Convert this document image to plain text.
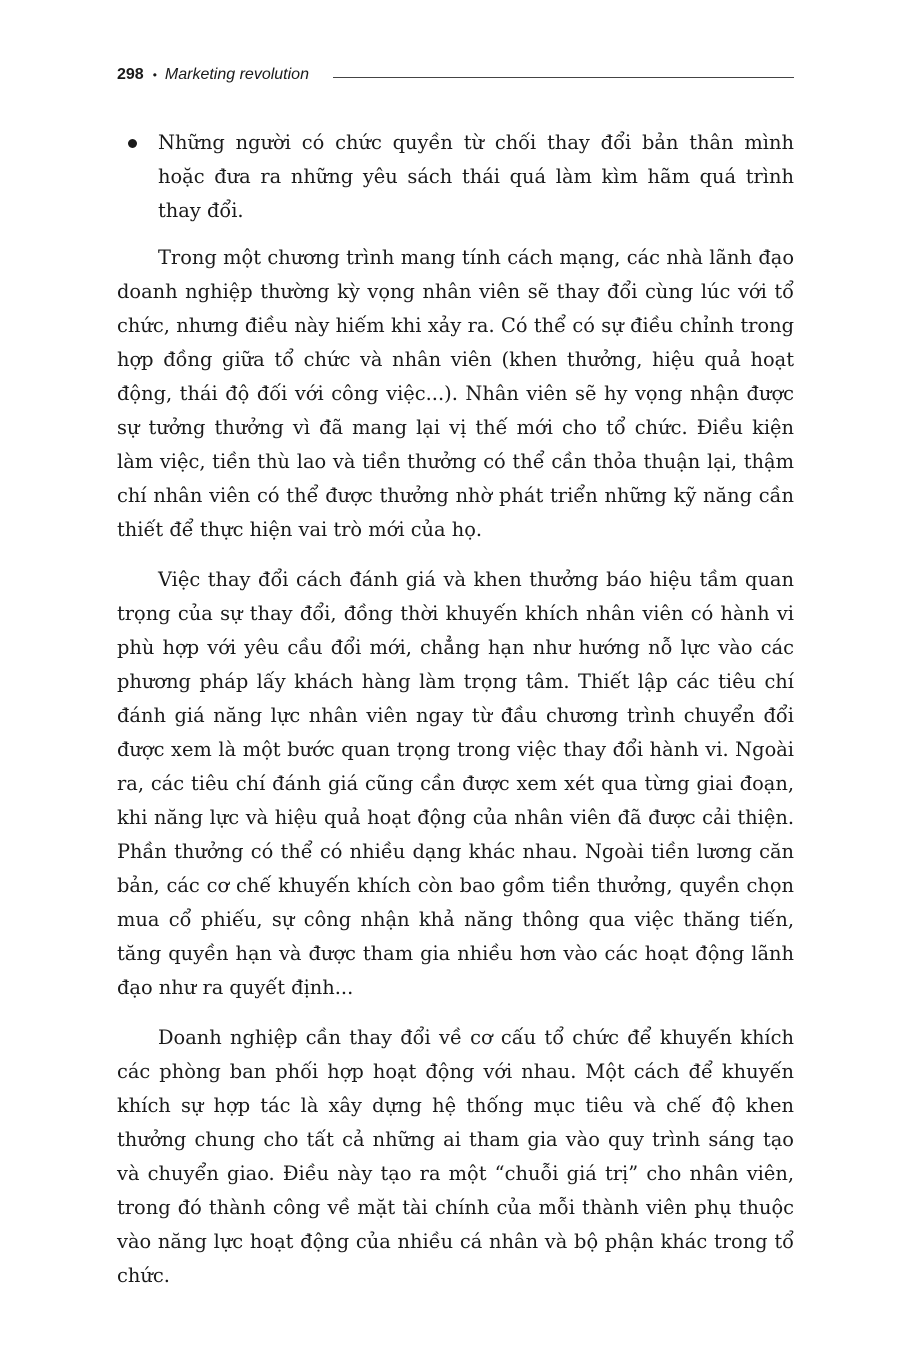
298 • Marketing revolution
Những người có chức quyền từ chối thay đổi bản thân mình hoặc đưa ra những yêu sách thái quá làm kìm hãm quá trình thay đổi.

Trong một chương trình mang tính cách mạng, các nhà lãnh đạo doanh nghiệp thường kỳ vọng nhân viên sẽ thay đổi cùng lúc với tổ chức, nhưng điều này hiếm khi xảy ra. Có thể có sự điều chỉnh trong hợp đồng giữa tổ chức và nhân viên (khen thưởng, hiệu quả hoạt động, thái độ đối với công việc...). Nhân viên sẽ hy vọng nhận được sự tưởng thưởng vì đã mang lại vị thế mới cho tổ chức. Điều kiện làm việc, tiền thù lao và tiền thưởng có thể cần thỏa thuận lại, thậm chí nhân viên có thể được thưởng nhờ phát triển những kỹ năng cần thiết để thực hiện vai trò mới của họ.

Việc thay đổi cách đánh giá và khen thưởng báo hiệu tầm quan trọng của sự thay đổi, đồng thời khuyến khích nhân viên có hành vi phù hợp với yêu cầu đổi mới, chẳng hạn như hướng nỗ lực vào các phương pháp lấy khách hàng làm trọng tâm. Thiết lập các tiêu chí đánh giá năng lực nhân viên ngay từ đầu chương trình chuyển đổi được xem là một bước quan trọng trong việc thay đổi hành vi. Ngoài ra, các tiêu chí đánh giá cũng cần được xem xét qua từng giai đoạn, khi năng lực và hiệu quả hoạt động của nhân viên đã được cải thiện. Phần thưởng có thể có nhiều dạng khác nhau. Ngoài tiền lương căn bản, các cơ chế khuyến khích còn bao gồm tiền thưởng, quyền chọn mua cổ phiếu, sự công nhận khả năng thông qua việc thăng tiến, tăng quyền hạn và được tham gia nhiều hơn vào các hoạt động lãnh đạo như ra quyết định...

Doanh nghiệp cần thay đổi về cơ cấu tổ chức để khuyến khích các phòng ban phối hợp hoạt động với nhau. Một cách để khuyến khích sự hợp tác là xây dựng hệ thống mục tiêu và chế độ khen thưởng chung cho tất cả những ai tham gia vào quy trình sáng tạo và chuyển giao. Điều này tạo ra một “chuỗi giá trị” cho nhân viên, trong đó thành công về mặt tài chính của mỗi thành viên phụ thuộc vào năng lực hoạt động của nhiều cá nhân và bộ phận khác trong tổ chức.
